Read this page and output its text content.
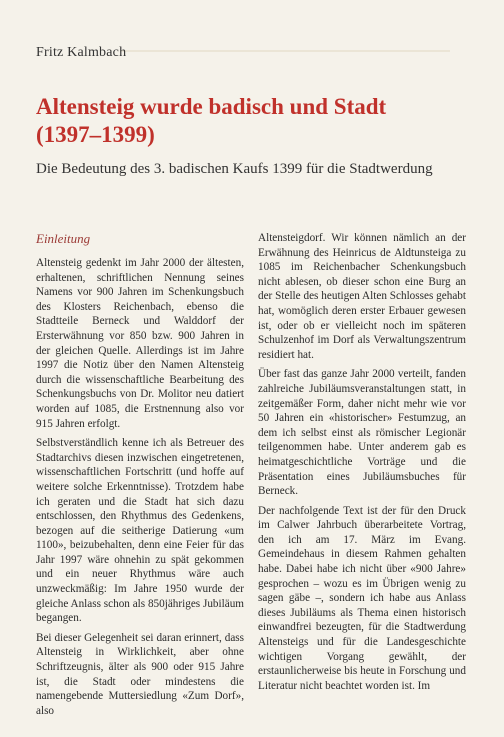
Fritz Kalmbach
Altensteig wurde badisch und Stadt
(1397–1399)
Die Bedeutung des 3. badischen Kaufs 1399 für die Stadtwerdung
Einleitung

Altensteig gedenkt im Jahr 2000 der ältesten, erhaltenen, schriftlichen Nennung seines Namens vor 900 Jahren im Schenkungsbuch des Klosters Reichenbach, ebenso die Stadtteile Berneck und Walddorf der Ersterwähnung vor 850 bzw. 900 Jahren in der gleichen Quelle. Allerdings ist im Jahre 1997 die Notiz über den Namen Altensteig durch die wissenschaftliche Bearbeitung des Schenkungsbuchs von Dr. Molitor neu datiert worden auf 1085, die Erstnennung also vor 915 Jahren erfolgt.

Selbstverständlich kenne ich als Betreuer des Stadtarchivs diesen inzwischen eingetretenen, wissenschaftlichen Fortschritt (und hoffe auf weitere solche Erkenntnisse). Trotzdem habe ich geraten und die Stadt hat sich dazu entschlossen, den Rhythmus des Gedenkens, bezogen auf die seitherige Datierung «um 1100», beizubehalten, denn eine Feier für das Jahr 1997 wäre ohnehin zu spät gekommen und ein neuer Rhythmus wäre auch unzweckmäßig: Im Jahre 1950 wurde der gleiche Anlass schon als 850jähriges Jubiläum begangen.

Bei dieser Gelegenheit sei daran erinnert, dass Altensteig in Wirklichkeit, aber ohne Schriftzeugnis, älter als 900 oder 915 Jahre ist, die Stadt oder mindestens die namengebende Muttersiedlung «Zum Dorf», also

Altensteigdorf. Wir können nämlich an der Erwähnung des Heinricus de Aldtunsteiga zu 1085 im Reichenbacher Schenkungsbuch nicht ablesen, ob dieser schon eine Burg an der Stelle des heutigen Alten Schlosses gehabt hat, womöglich deren erster Erbauer gewesen ist, oder ob er vielleicht noch im späteren Schulzenhof im Dorf als Verwaltungszentrum residiert hat.

Über fast das ganze Jahr 2000 verteilt, fanden zahlreiche Jubiläumsveranstaltungen statt, in zeitgemäßer Form, daher nicht mehr wie vor 50 Jahren ein «historischer» Festumzug, an dem ich selbst einst als römischer Legionär teilgenommen habe. Unter anderem gab es heimatgeschichtliche Vorträge und die Präsentation eines Jubiläumsbuches für Berneck.

Der nachfolgende Text ist der für den Druck im Calwer Jahrbuch überarbeitete Vortrag, den ich am 17. März im Evang. Gemeindehaus in diesem Rahmen gehalten habe. Dabei habe ich nicht über «900 Jahre» gesprochen – wozu es im Übrigen wenig zu sagen gäbe –, sondern ich habe aus Anlass dieses Jubiläums als Thema einen historisch einwandfrei bezeugten, für die Stadtwerdung Altensteigs und für die Landesgeschichte wichtigen Vorgang gewählt, der erstaunlicherweise bis heute in Forschung und Literatur nicht beachtet worden ist. Im
